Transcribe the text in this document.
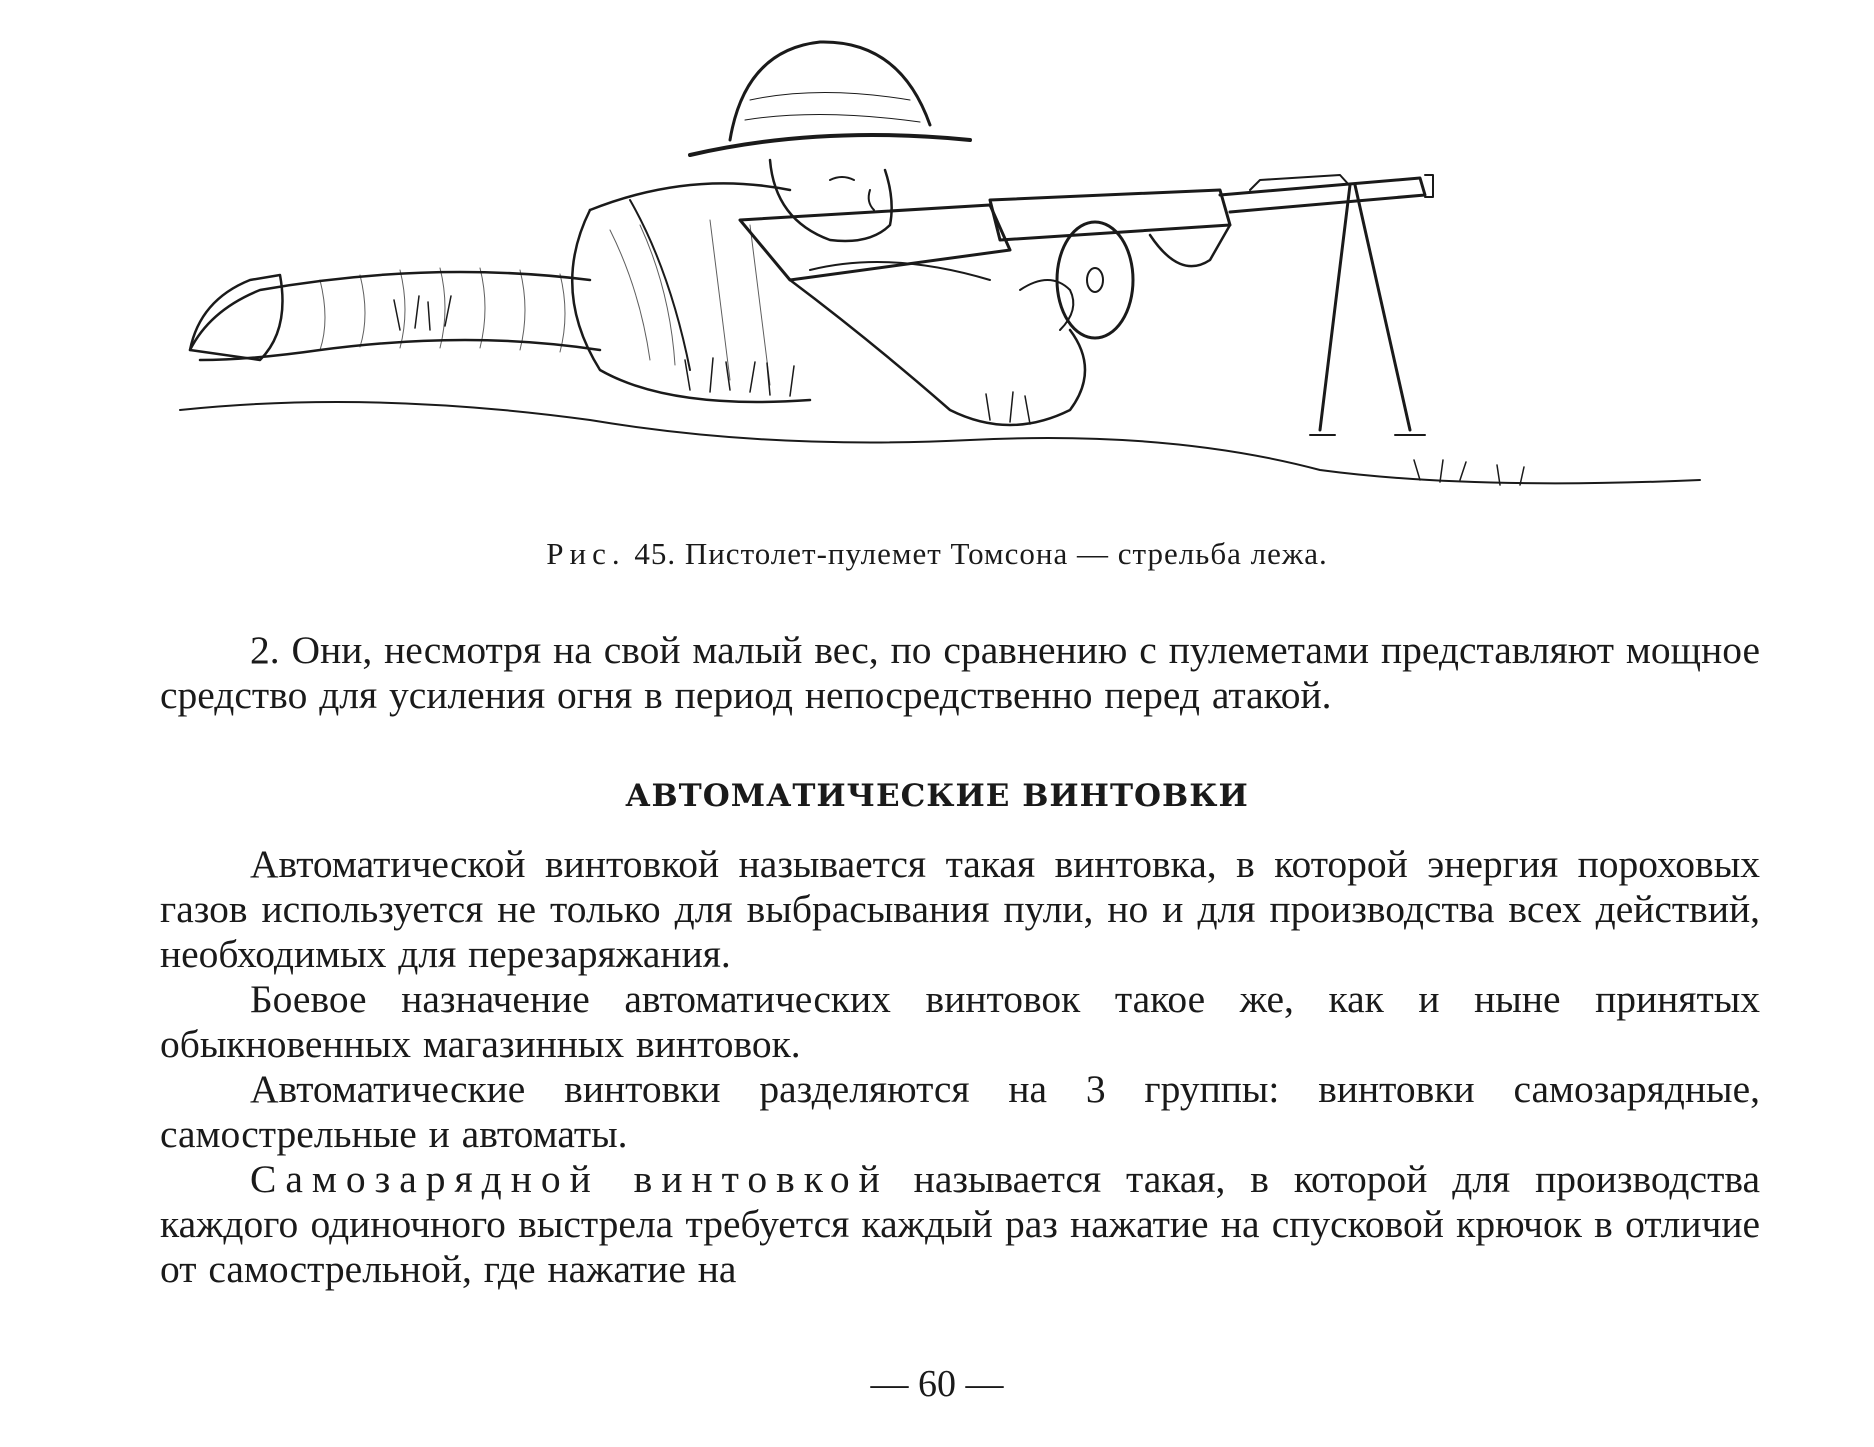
Рис. 45. Пистолет-пулемет Томсона — стрельба лежа.

2. Они, несмотря на свой малый вес, по сравнению с пулеметами представляют мощное средство для усиления огня в период непосредственно перед атакой.

АВТОМАТИЧЕСКИЕ ВИНТОВКИ

Автоматической винтовкой называется такая винтовка, в которой энергия пороховых газов используется не только для выбрасывания пули, но и для производства всех действий, необходимых для перезаряжания.

Боевое назначение автоматических винтовок такое же, как и ныне принятых обыкновенных магазинных винтовок.

Автоматические винтовки разделяются на 3 группы: винтовки самозарядные, самострельные и автоматы.

Самозарядной винтовкой называется такая, в которой для производства каждого одиночного выстрела требуется каждый раз нажатие на спусковой крючок в отличие от самострельной, где нажатие на

— 60 —
